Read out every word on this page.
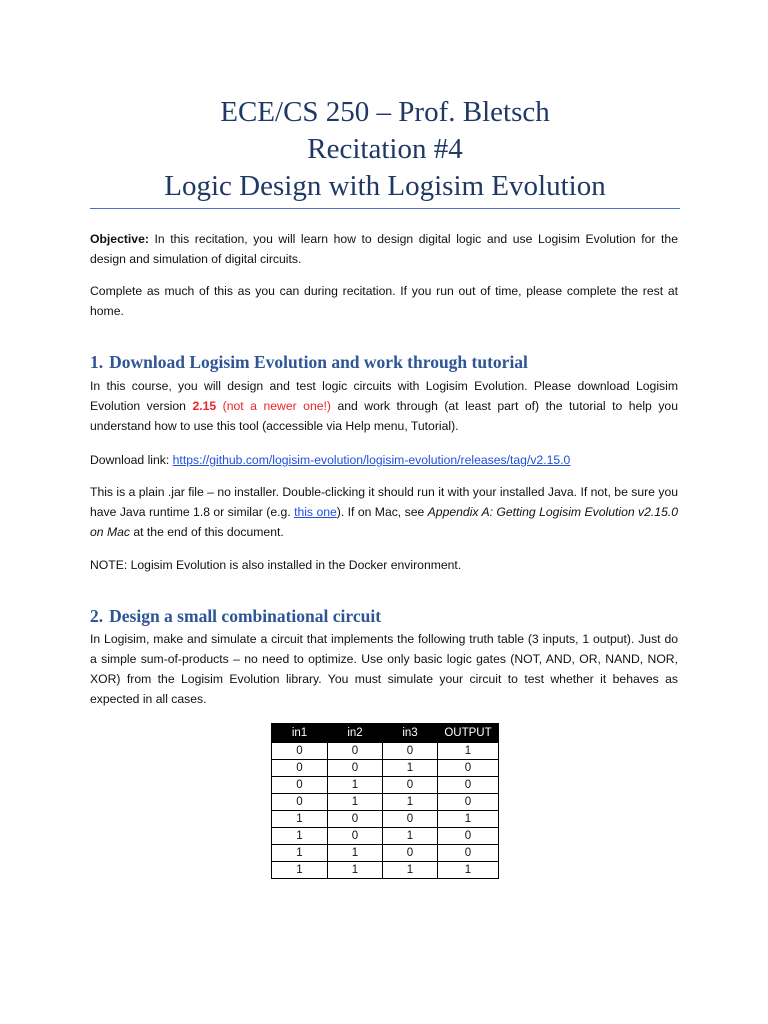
ECE/CS 250 – Prof. Bletsch
Recitation #4
Logic Design with Logisim Evolution

Objective: In this recitation, you will learn how to design digital logic and use Logisim Evolution for the design and simulation of digital circuits.

Complete as much of this as you can during recitation. If you run out of time, please complete the rest at home.

1. Download Logisim Evolution and work through tutorial

In this course, you will design and test logic circuits with Logisim Evolution. Please download Logisim Evolution version 2.15 (not a newer one!) and work through (at least part of) the tutorial to help you understand how to use this tool (accessible via Help menu, Tutorial).

Download link: https://github.com/logisim-evolution/logisim-evolution/releases/tag/v2.15.0

This is a plain .jar file – no installer. Double-clicking it should run it with your installed Java. If not, be sure you have Java runtime 1.8 or similar (e.g. this one). If on Mac, see Appendix A: Getting Logisim Evolution v2.15.0 on Mac at the end of this document.

NOTE: Logisim Evolution is also installed in the Docker environment.

2. Design a small combinational circuit

In Logisim, make and simulate a circuit that implements the following truth table (3 inputs, 1 output). Just do a simple sum-of-products – no need to optimize. Use only basic logic gates (NOT, AND, OR, NAND, NOR, XOR) from the Logisim Evolution library. You must simulate your circuit to test whether it behaves as expected in all cases.

in1	in2	in3	OUTPUT
0	0	0	1
0	0	1	0
0	1	0	0
0	1	1	0
1	0	0	1
1	0	1	0
1	1	0	0
1	1	1	1
